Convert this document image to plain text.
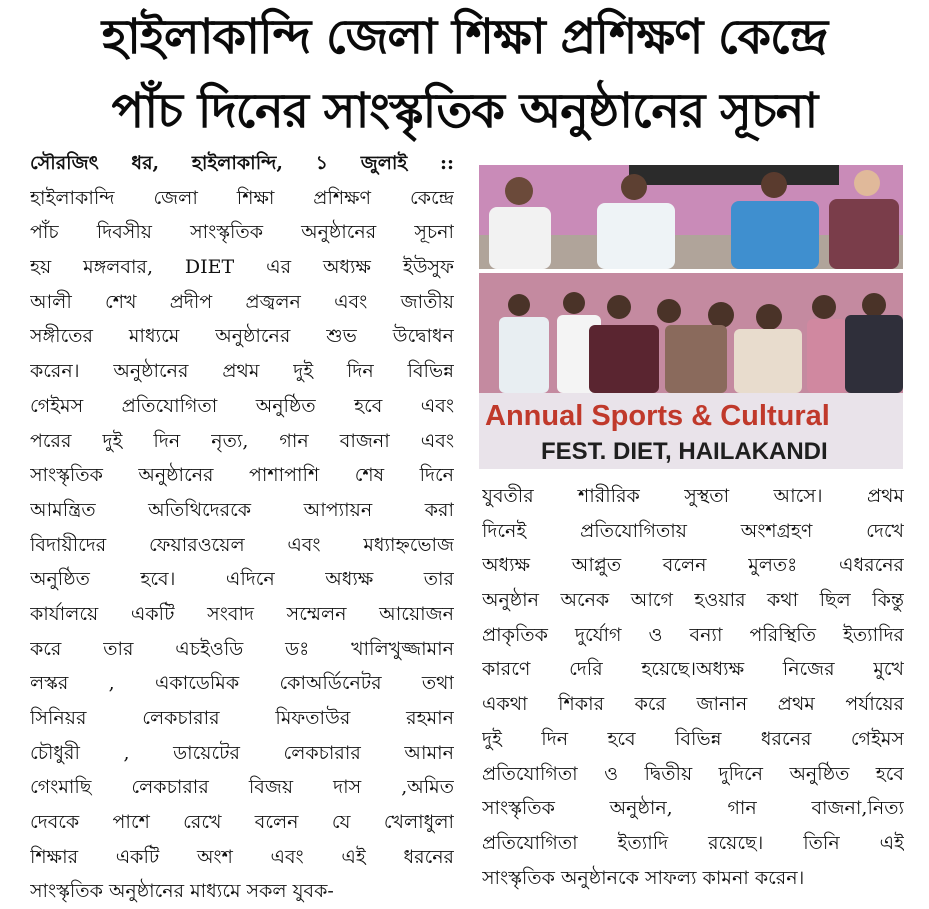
হাইলাকান্দি জেলা শিক্ষা প্রশিক্ষণ কেন্দ্রে
পাঁচ দিনের সাংস্কৃতিক অনুষ্ঠানের সূচনা
সৌরজিৎ ধর, হাইলাকান্দি, ১ জুলাই ::
হাইলাকান্দি জেলা শিক্ষা প্রশিক্ষণ কেন্দ্রে
পাঁচ দিবসীয় সাংস্কৃতিক অনুষ্ঠানের সূচনা
হয় মঙ্গলবার, DIET এর অধ্যক্ষ ইউসুফ
আলী শেখ প্রদীপ প্রজ্বলন এবং জাতীয়
সঙ্গীতের মাধ্যমে অনুষ্ঠানের শুভ উদ্বোধন
করেন। অনুষ্ঠানের প্রথম দুই দিন বিভিন্ন
গেইমস প্রতিযোগিতা অনুষ্ঠিত হবে এবং
পরের দুই দিন নৃত্য, গান বাজনা এবং
সাংস্কৃতিক অনুষ্ঠানের পাশাপাশি শেষ দিনে
আমন্ত্রিত অতিথিদেরকে আপ্যায়ন করা
বিদায়ীদের ফেয়ারওয়েল এবং মধ্যাহ্নভোজ
অনুষ্ঠিত হবে। এদিনে অধ্যক্ষ তার
কার্যালয়ে একটি সংবাদ সম্মেলন আয়োজন
করে তার এচইওডি ডঃ খালিখুজ্জামান
লস্কর , একাডেমিক কোঅর্ডিনেটর তথা
সিনিয়র লেকচারার মিফতাউর রহমান
চৌধুরী , ডায়েটের লেকচারার আমান
গেংমাছি লেকচারার বিজয় দাস ,অমিত
দেবকে পাশে রেখে বলেন যে খেলাধুলা
শিক্ষার একটি অংশ এবং এই ধরনের
সাংস্কৃতিক অনুষ্ঠানের মাধ্যমে সকল যুবক-
Annual Sports & Cultural
FEST. DIET, HAILAKANDI
যুবতীর শারীরিক সুস্থতা আসে। প্রথম
দিনেই প্রতিযোগিতায় অংশগ্রহণ দেখে
অধ্যক্ষ আপ্লুত বলেন মুলতঃ এধরনের
অনুষ্ঠান অনেক আগে হওয়ার কথা ছিল কিন্তু
প্রাকৃতিক দুর্যোগ ও বন্যা পরিস্থিতি ইত্যাদির
কারণে দেরি হয়েছে।অধ্যক্ষ নিজের মুখে
একথা শিকার করে জানান প্রথম পর্যায়ের
দুই দিন হবে বিভিন্ন ধরনের গেইমস
প্রতিযোগিতা ও দ্বিতীয় দুদিনে অনুষ্ঠিত হবে
সাংস্কৃতিক অনুষ্ঠান, গান বাজনা,নিত্য
প্রতিযোগিতা ইত্যাদি রয়েছে। তিনি এই
সাংস্কৃতিক অনুষ্ঠানকে সাফল্য কামনা করেন।
